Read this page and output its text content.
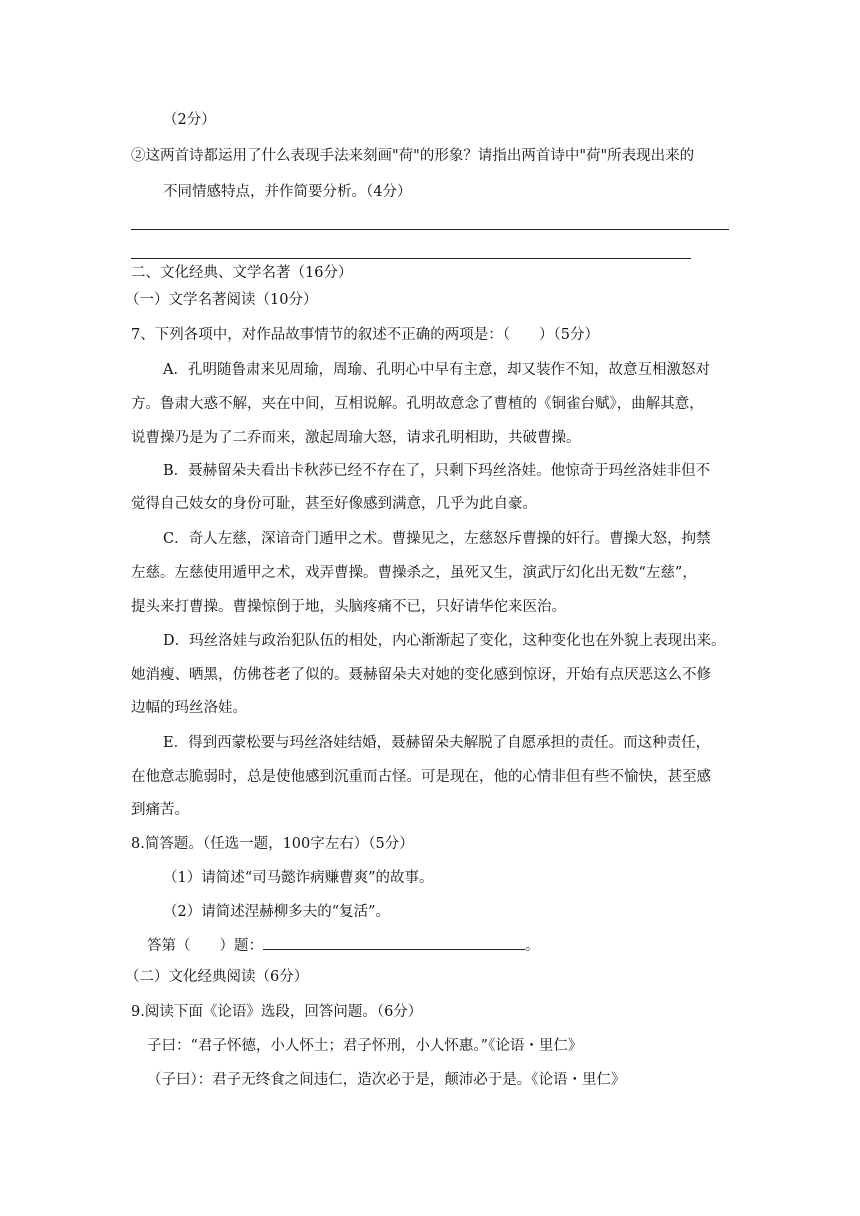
（2分）
②这两首诗都运用了什么表现手法来刻画"荷"的形象？请指出两首诗中"荷"所表现出来的
不同情感特点，并作简要分析。（4分）
二、文化经典、文学名著（16分）
（一）文学名著阅读（10分）
7、下列各项中，对作品故事情节的叙述不正确的两项是：（　　）（5分）
A．孔明随鲁肃来见周瑜，周瑜、孔明心中早有主意，却又装作不知，故意互相激怒对
方。鲁肃大惑不解，夹在中间，互相说解。孔明故意念了曹植的《铜雀台赋》，曲解其意，
说曹操乃是为了二乔而来，激起周瑜大怒，请求孔明相助，共破曹操。
B．聂赫留朵夫看出卡秋莎已经不存在了，只剩下玛丝洛娃。他惊奇于玛丝洛娃非但不
觉得自己妓女的身份可耻，甚至好像感到满意，几乎为此自豪。
C．奇人左慈，深谙奇门遁甲之术。曹操见之，左慈怒斥曹操的奸行。曹操大怒，拘禁
左慈。左慈使用遁甲之术，戏弄曹操。曹操杀之，虽死又生，演武厅幻化出无数“左慈”，
提头来打曹操。曹操惊倒于地，头脑疼痛不已，只好请华佗来医治。
D．玛丝洛娃与政治犯队伍的相处，内心渐渐起了变化，这种变化也在外貌上表现出来。
她消瘦、晒黑，仿佛苍老了似的。聂赫留朵夫对她的变化感到惊讶，开始有点厌恶这么不修
边幅的玛丝洛娃。
E．得到西蒙松要与玛丝洛娃结婚，聂赫留朵夫解脱了自愿承担的责任。而这种责任，
在他意志脆弱时，总是使他感到沉重而古怪。可是现在，他的心情非但有些不愉快，甚至感
到痛苦。
8.简答题。（任选一题，100字左右）（5分）
（1）请简述“司马懿诈病赚曹爽”的故事。
（2）请简述涅赫柳多夫的“复活”。
答第（　　）题：	。
（二）文化经典阅读（6分）
9.阅读下面《论语》选段，回答问题。（6分）
子曰：“君子怀德，小人怀土；君子怀刑，小人怀惠。”《论语・里仁》
（子曰）：君子无终食之间违仁，造次必于是，颠沛必于是。《论语・里仁》
